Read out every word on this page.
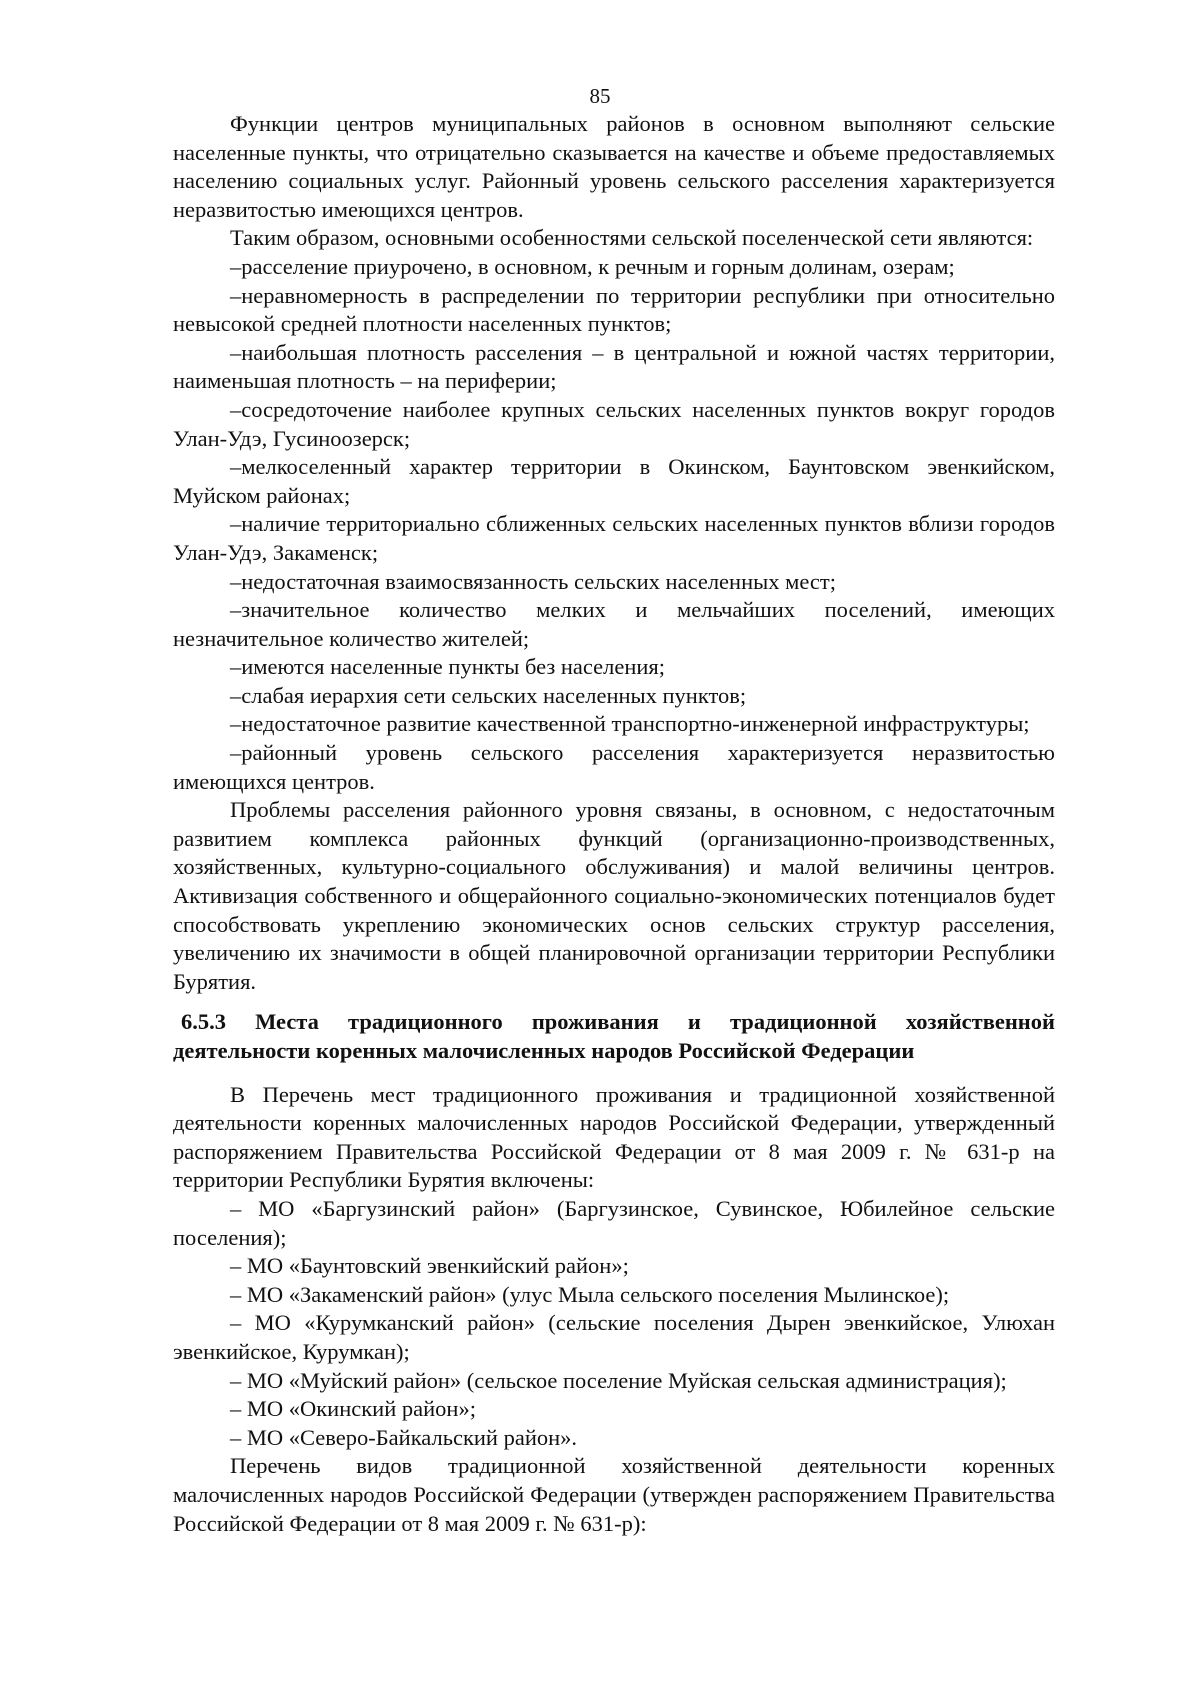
85

Функции центров муниципальных районов в основном выполняют сельские населенные пункты, что отрицательно сказывается на качестве и объеме предоставляемых населению социальных услуг. Районный уровень сельского расселения характеризуется неразвитостью имеющихся центров.

Таким образом, основными особенностями сельской поселенческой сети являются:

–расселение приурочено, в основном, к речным и горным долинам, озерам;

–неравномерность в распределении по территории республики при относительно невысокой средней плотности населенных пунктов;

–наибольшая плотность расселения – в центральной и южной частях территории, наименьшая плотность – на периферии;

–сосредоточение наиболее крупных сельских населенных пунктов вокруг городов Улан-Удэ, Гусиноозерск;

–мелкоселенный характер территории в Окинском, Баунтовском эвенкийском, Муйском районах;

–наличие территориально сближенных сельских населенных пунктов вблизи городов Улан-Удэ, Закаменск;

–недостаточная взаимосвязанность сельских населенных мест;

–значительное количество мелких и мельчайших поселений, имеющих незначительное количество жителей;

–имеются населенные пункты без населения;

–слабая иерархия сети сельских населенных пунктов;

–недостаточное развитие качественной транспортно-инженерной инфраструктуры;

–районный уровень сельского расселения характеризуется неразвитостью имеющихся центров.

Проблемы расселения районного уровня связаны, в основном, с недостаточным развитием комплекса районных функций (организационно-производственных, хозяйственных, культурно-социального обслуживания) и малой величины центров. Активизация собственного и общерайонного социально-экономических потенциалов будет способствовать укреплению экономических основ сельских структур расселения, увеличению их значимости в общей планировочной организации территории Республики Бурятия.

6.5.3 Места традиционного проживания и традиционной хозяйственной
деятельности коренных малочисленных народов Российской Федерации

В Перечень мест традиционного проживания и традиционной хозяйственной деятельности коренных малочисленных народов Российской Федерации, утвержденный распоряжением Правительства Российской Федерации от 8 мая 2009 г. № 631-р на территории Республики Бурятия включены:

– МО «Баргузинский район» (Баргузинское, Сувинское, Юбилейное сельские поселения);

– МО «Баунтовский эвенкийский район»;

– МО «Закаменский район» (улус Мыла сельского поселения Мылинское);

– МО «Курумканский район» (сельские поселения Дырен эвенкийское, Улюхан эвенкийское, Курумкан);

– МО «Муйский район» (сельское поселение Муйская сельская администрация);

– МО «Окинский район»;

– МО «Северо-Байкальский район».

Перечень видов традиционной хозяйственной деятельности коренных малочисленных народов Российской Федерации (утвержден распоряжением Правительства Российской Федерации от 8 мая 2009 г. № 631-р):
